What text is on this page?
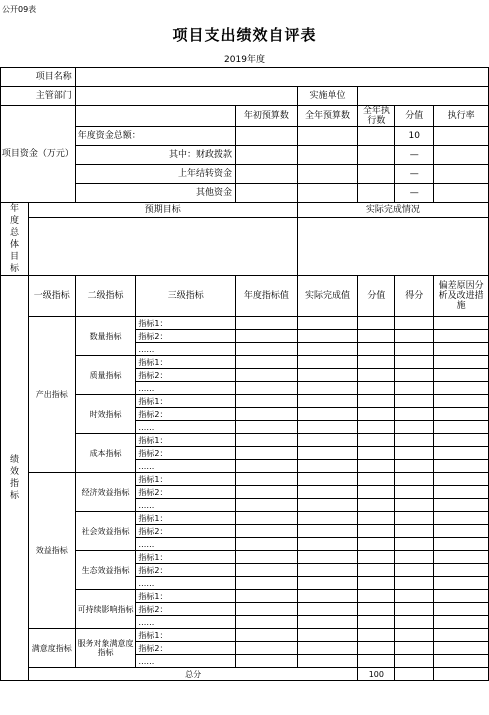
公开09表
项目支出绩效自评表
2019年度
项目名称								
主管部门					实施单位			
项目资金（万元）				年初预算数	全年预算数	全年执行数	分值	执行率
		年度资金总额：					10	
		其中：财政拨款					—	
		上年结转资金					—	
		其他资金					—	
年度总体目标	预期目标				实际完成情况			

绩效指标	一级指标	二级指标	三级指标	年度指标值	实际完成值	分值	得分	偏差原因分析及改进措施
	产出指标	数量指标	指标1：					
			指标2：					
			……					
		质量指标	指标1：					
			指标2：					
			……					
		时效指标	指标1：					
			指标2：					
			……					
		成本指标	指标1：					
			指标2：					
			……					
	效益指标	经济效益指标	指标1：					
			指标2：					
			……					
		社会效益指标	指标1：					
			指标2：					
			……					
		生态效益指标	指标1：					
			指标2：					
			……					
		可持续影响指标	指标1：					
			指标2：					
			……					
	满意度指标	服务对象满意度指标	指标1：					
			指标2：					
			……					
	总分					100		
